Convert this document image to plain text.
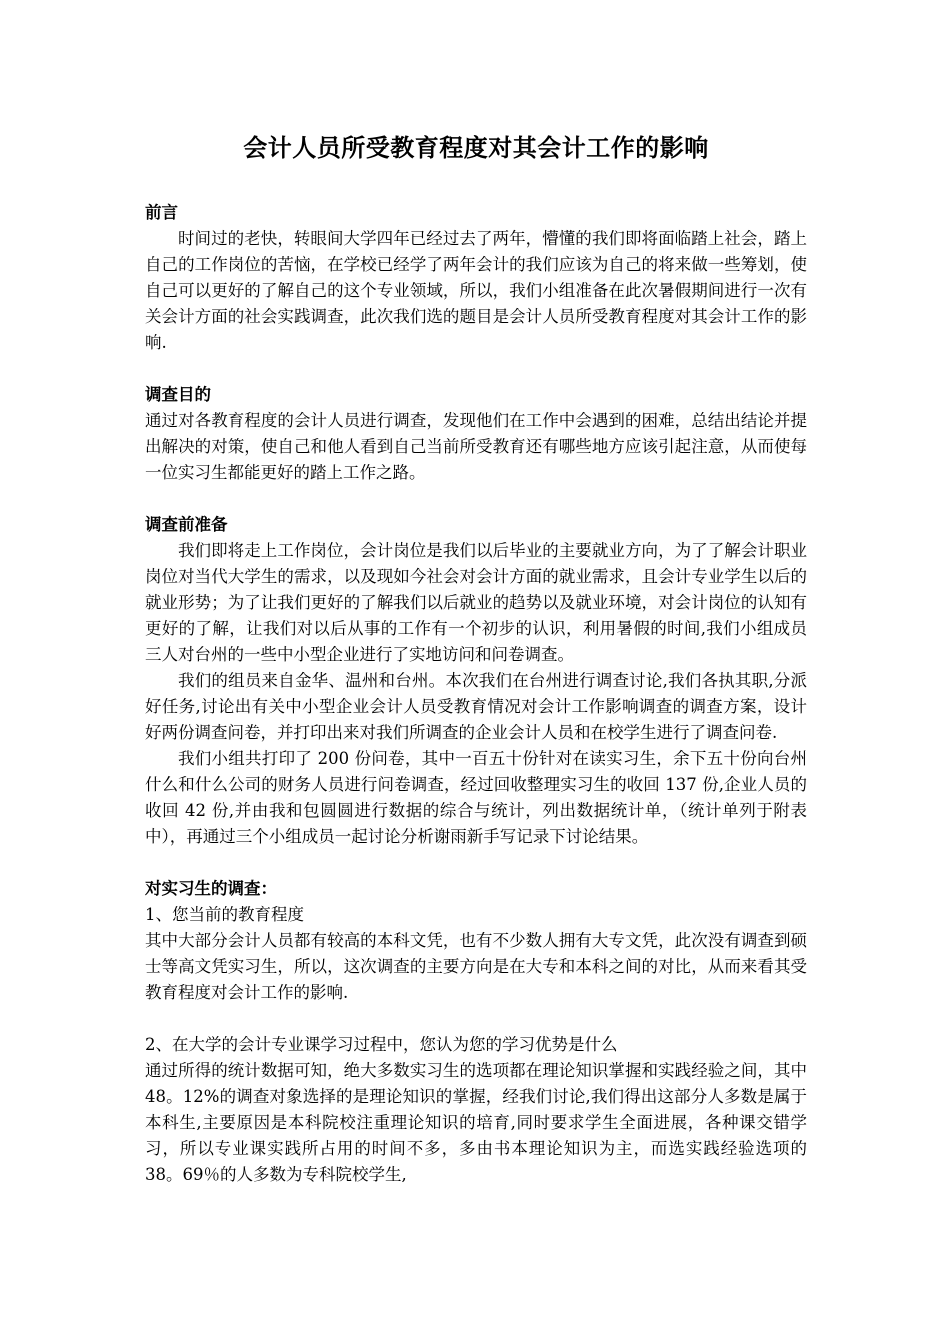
会计人员所受教育程度对其会计工作的影响
前言

时间过的老快，转眼间大学四年已经过去了两年，懵懂的我们即将面临踏上社会，踏上自己的工作岗位的苦恼，在学校已经学了两年会计的我们应该为自己的将来做一些筹划，使自己可以更好的了解自己的这个专业领域，所以，我们小组准备在此次暑假期间进行一次有关会计方面的社会实践调查，此次我们选的题目是会计人员所受教育程度对其会计工作的影响.

调查目的

通过对各教育程度的会计人员进行调查，发现他们在工作中会遇到的困难，总结出结论并提出解决的对策，使自己和他人看到自己当前所受教育还有哪些地方应该引起注意，从而使每一位实习生都能更好的踏上工作之路。

调查前准备

我们即将走上工作岗位，会计岗位是我们以后毕业的主要就业方向，为了了解会计职业岗位对当代大学生的需求，以及现如今社会对会计方面的就业需求，且会计专业学生以后的就业形势；为了让我们更好的了解我们以后就业的趋势以及就业环境，对会计岗位的认知有更好的了解，让我们对以后从事的工作有一个初步的认识，利用暑假的时间,我们小组成员三人对台州的一些中小型企业进行了实地访问和问卷调查。

我们的组员来自金华、温州和台州。本次我们在台州进行调查讨论,我们各执其职,分派好任务,讨论出有关中小型企业会计人员受教育情况对会计工作影响调查的调查方案，设计好两份调查问卷，并打印出来对我们所调查的企业会计人员和在校学生进行了调查问卷.

我们小组共打印了 200 份问卷，其中一百五十份针对在读实习生，余下五十份向台州什么和什么公司的财务人员进行问卷调查，经过回收整理实习生的收回 137 份,企业人员的收回 42 份,并由我和包圆圆进行数据的综合与统计，列出数据统计单，（统计单列于附表中），再通过三个小组成员一起讨论分析谢雨新手写记录下讨论结果。

对实习生的调查：

1、您当前的教育程度

其中大部分会计人员都有较高的本科文凭，也有不少数人拥有大专文凭，此次没有调查到硕士等高文凭实习生，所以，这次调查的主要方向是在大专和本科之间的对比，从而来看其受教育程度对会计工作的影响.

2、在大学的会计专业课学习过程中，您认为您的学习优势是什么

通过所得的统计数据可知，绝大多数实习生的选项都在理论知识掌握和实践经验之间，其中 48。12%的调查对象选择的是理论知识的掌握，经我们讨论,我们得出这部分人多数是属于本科生,主要原因是本科院校注重理论知识的培育,同时要求学生全面进展，各种课交错学习，所以专业课实践所占用的时间不多，多由书本理论知识为主，而选实践经验选项的 38。69％的人多数为专科院校学生,
